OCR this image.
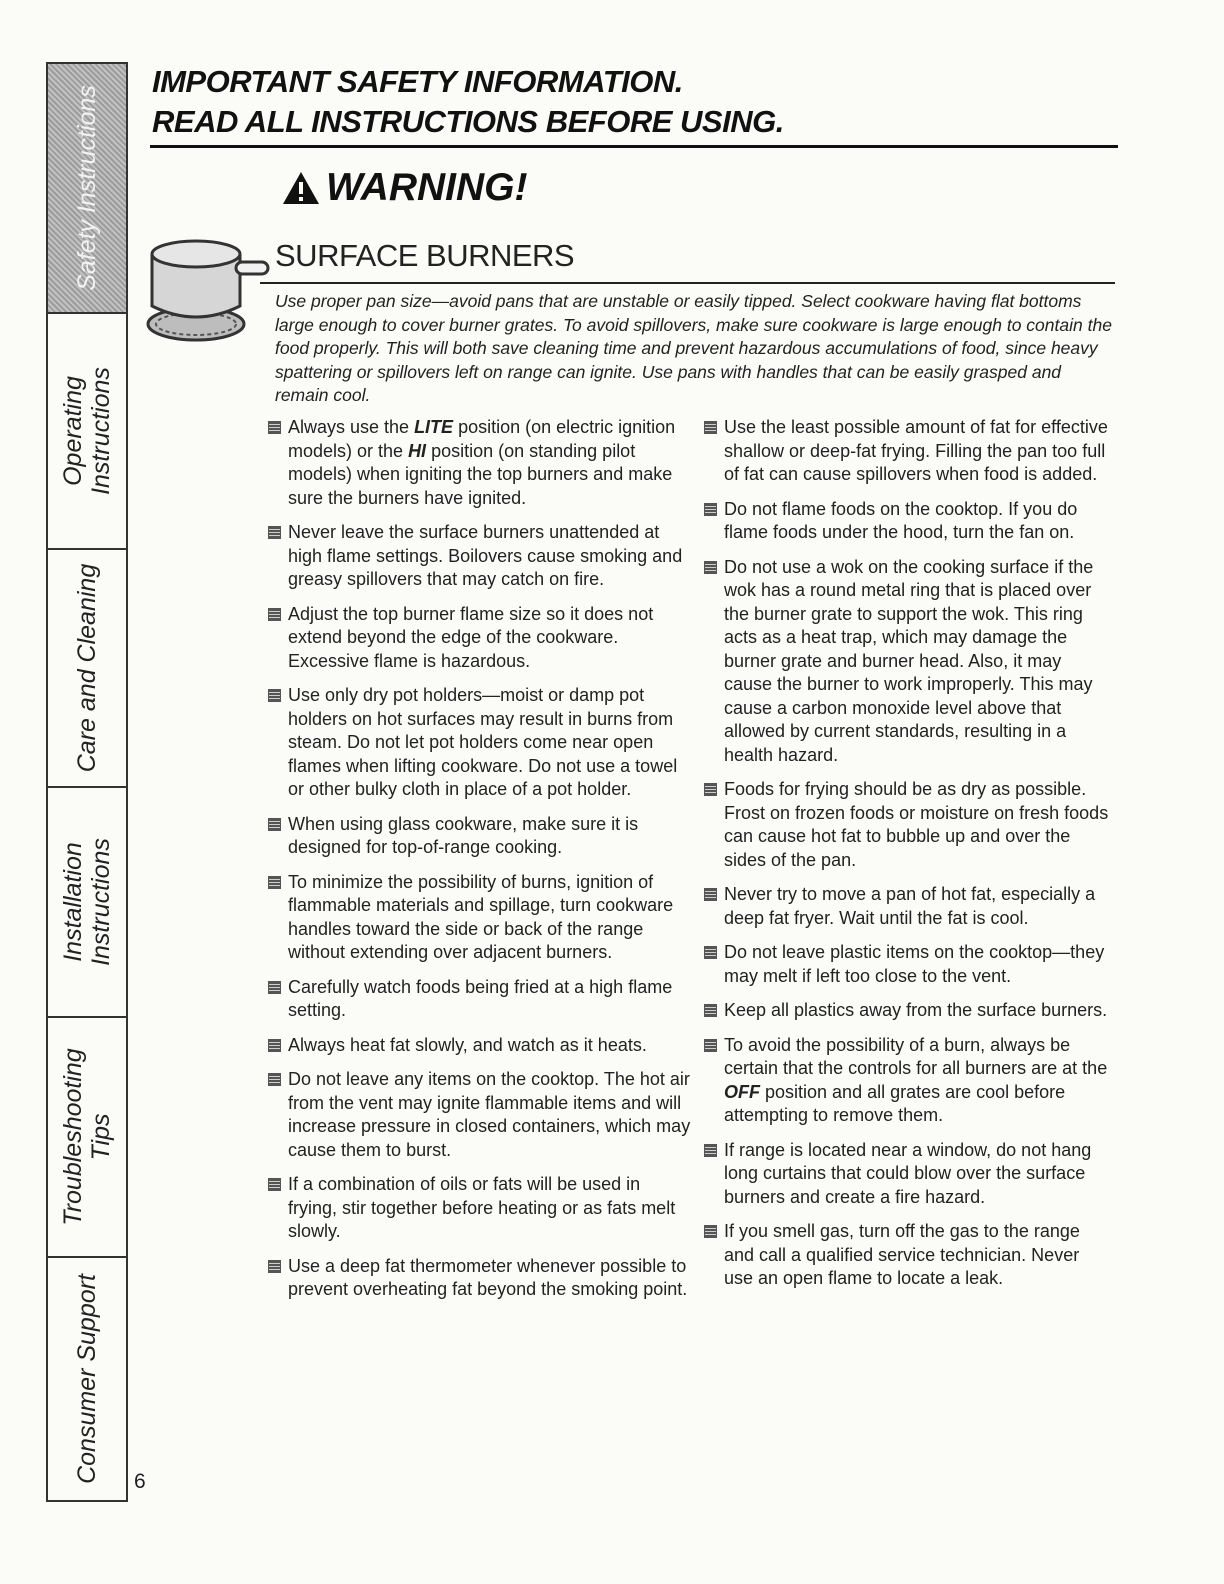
Safety Instructions
Operating Instructions
Care and Cleaning
Installation Instructions
Troubleshooting Tips
Consumer Support
IMPORTANT SAFETY INFORMATION.
READ ALL INSTRUCTIONS BEFORE USING.
WARNING!
SURFACE BURNERS

Use proper pan size—avoid pans that are unstable or easily tipped. Select cookware having flat bottoms large enough to cover burner grates. To avoid spillovers, make sure cookware is large enough to contain the food properly. This will both save cleaning time and prevent hazardous accumulations of food, since heavy spattering or spillovers left on range can ignite. Use pans with handles that can be easily grasped and remain cool.

Always use the LITE position (on electric ignition models) or the HI position (on standing pilot models) when igniting the top burners and make sure the burners have ignited.
Never leave the surface burners unattended at high flame settings. Boilovers cause smoking and greasy spillovers that may catch on fire.
Adjust the top burner flame size so it does not extend beyond the edge of the cookware. Excessive flame is hazardous.
Use only dry pot holders—moist or damp pot holders on hot surfaces may result in burns from steam. Do not let pot holders come near open flames when lifting cookware. Do not use a towel or other bulky cloth in place of a pot holder.
When using glass cookware, make sure it is designed for top-of-range cooking.
To minimize the possibility of burns, ignition of flammable materials and spillage, turn cookware handles toward the side or back of the range without extending over adjacent burners.
Carefully watch foods being fried at a high flame setting.
Always heat fat slowly, and watch as it heats.
Do not leave any items on the cooktop. The hot air from the vent may ignite flammable items and will increase pressure in closed containers, which may cause them to burst.
If a combination of oils or fats will be used in frying, stir together before heating or as fats melt slowly.
Use a deep fat thermometer whenever possible to prevent overheating fat beyond the smoking point.
Use the least possible amount of fat for effective shallow or deep-fat frying. Filling the pan too full of fat can cause spillovers when food is added.
Do not flame foods on the cooktop. If you do flame foods under the hood, turn the fan on.
Do not use a wok on the cooking surface if the wok has a round metal ring that is placed over the burner grate to support the wok. This ring acts as a heat trap, which may damage the burner grate and burner head. Also, it may cause the burner to work improperly. This may cause a carbon monoxide level above that allowed by current standards, resulting in a health hazard.
Foods for frying should be as dry as possible. Frost on frozen foods or moisture on fresh foods can cause hot fat to bubble up and over the sides of the pan.
Never try to move a pan of hot fat, especially a deep fat fryer. Wait until the fat is cool.
Do not leave plastic items on the cooktop—they may melt if left too close to the vent.
Keep all plastics away from the surface burners.
To avoid the possibility of a burn, always be certain that the controls for all burners are at the OFF position and all grates are cool before attempting to remove them.
If range is located near a window, do not hang long curtains that could blow over the surface burners and create a fire hazard.
If you smell gas, turn off the gas to the range and call a qualified service technician. Never use an open flame to locate a leak.
6
